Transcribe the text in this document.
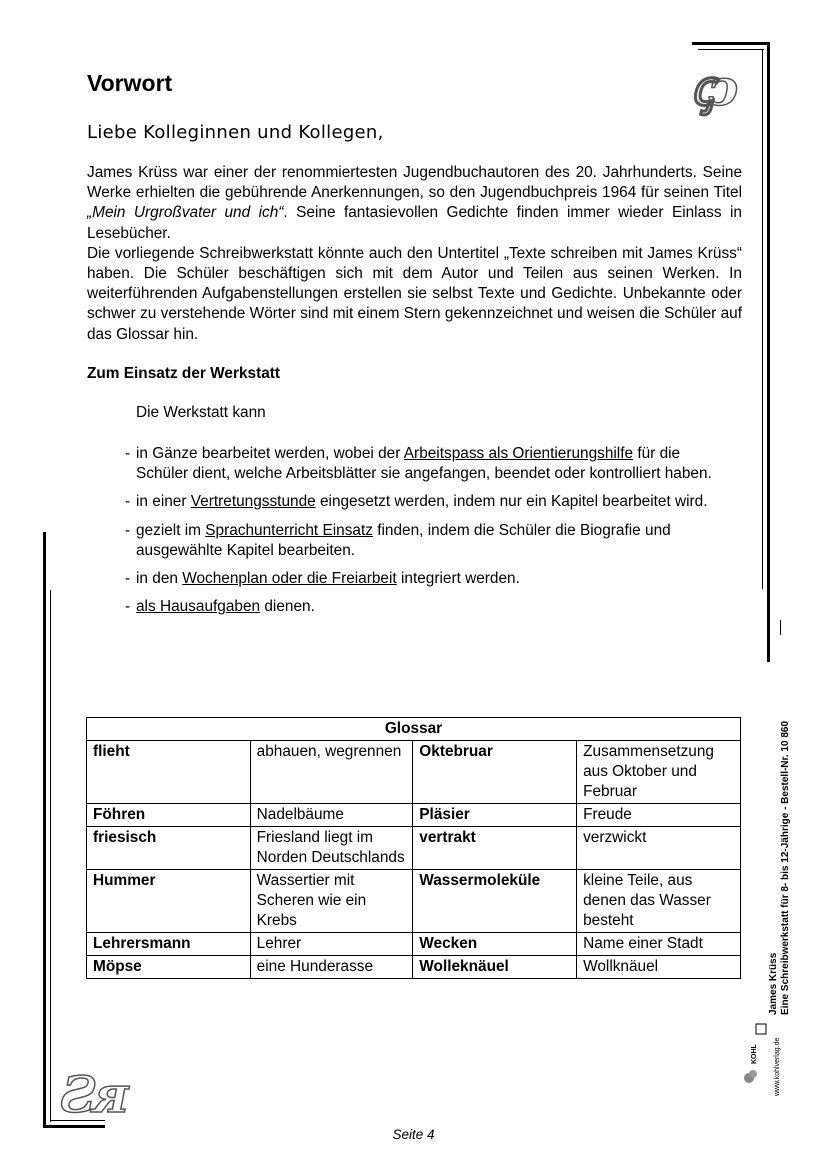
ꞔↄ
Ƨᴙ
Vorwort

Liebe Kolleginnen und Kollegen,

James Krüss war einer der renommiertesten Jugendbuchautoren des 20. Jahrhunderts. Seine Werke erhielten die gebührende Anerkennungen, so den Jugendbuchpreis 1964 für seinen Titel „Mein Urgroßvater und ich“. Seine fantasievollen Gedichte finden immer wieder Einlass in Lesebücher.

Die vorliegende Schreibwerkstatt könnte auch den Untertitel „Texte schreiben mit James Krüss“ haben. Die Schüler beschäftigen sich mit dem Autor und Teilen aus seinen Werken. In weiterführenden Aufgabenstellungen erstellen sie selbst Texte und Gedichte. Unbekannte oder schwer zu verstehende Wörter sind mit einem Stern gekennzeichnet und weisen die Schüler auf das Glossar hin.

Zum Einsatz der Werkstatt

Die Werkstatt kann

- in Gänze bearbeitet werden, wobei der Arbeitspass als Orientierungshilfe für die Schüler dient, welche Arbeitsblätter sie angefangen, beendet oder kontrolliert haben.
- in einer Vertretungsstunde eingesetzt werden, indem nur ein Kapitel bearbeitet wird.
- gezielt im Sprachunterricht Einsatz finden, indem die Schüler die Biografie und ausgewählte Kapitel bearbeiten.
- in den Wochenplan oder die Freiarbeit integriert werden.
- als Hausaufgaben dienen.
Glossar			
flieht	abhauen, wegrennen	Oktebruar	Zusammensetzung aus Oktober und Februar
Föhren	Nadelbäume	Pläsier	Freude
friesisch	Friesland liegt im Norden Deutschlands	vertrakt	verzwickt
Hummer	Wassertier mit Scheren wie ein Krebs	Wassermoleküle	kleine Teile, aus denen das Wasser besteht
Lehrersmann	Lehrer	Wecken	Name einer Stadt
Möpse	eine Hunderasse	Wolleknäuel	Wollknäuel	James Krüss Eine Schreibwerkstatt für 8- bis 12-Jährige - Bestell-Nr. 10 860
www.kohlverlag.de
KOHL
Seite 4
